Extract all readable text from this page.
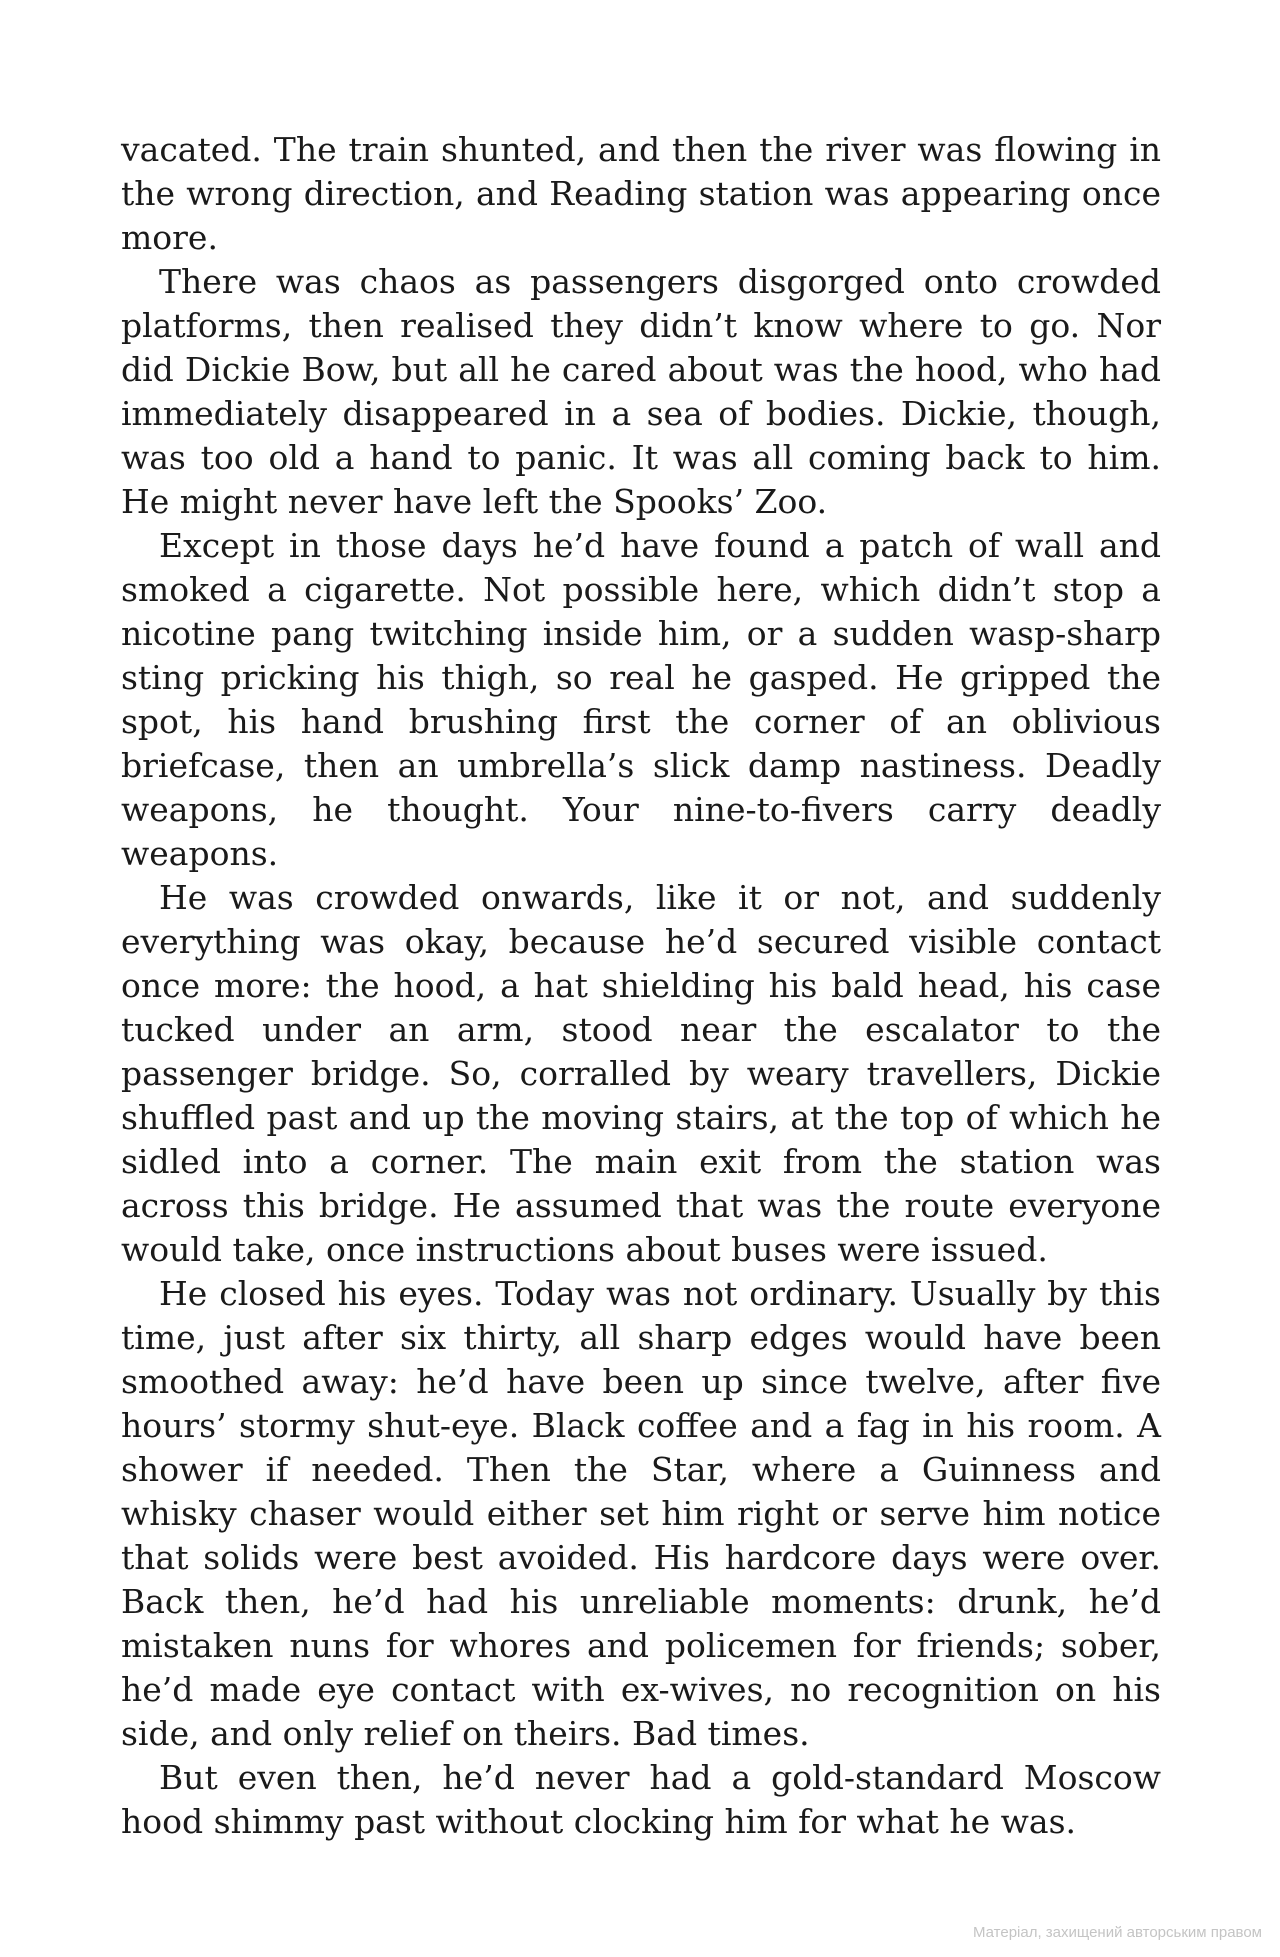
vacated. The train shunted, and then the river was flowing in the wrong direction, and Reading station was appearing once more.

There was chaos as passengers disgorged onto crowded platforms, then realised they didn’t know where to go. Nor did Dickie Bow, but all he cared about was the hood, who had immediately disappeared in a sea of bodies. Dickie, though, was too old a hand to panic. It was all coming back to him. He might never have left the Spooks’ Zoo.

Except in those days he’d have found a patch of wall and smoked a cigarette. Not possible here, which didn’t stop a nicotine pang twitching inside him, or a sudden wasp-sharp sting pricking his thigh, so real he gasped. He gripped the spot, his hand brushing first the corner of an oblivious briefcase, then an umbrella’s slick damp nastiness. Deadly weapons, he thought. Your nine-to-fivers carry deadly weapons.

He was crowded onwards, like it or not, and suddenly everything was okay, because he’d secured visible contact once more: the hood, a hat shielding his bald head, his case tucked under an arm, stood near the escalator to the passenger bridge. So, corralled by weary travellers, Dickie shuffled past and up the moving stairs, at the top of which he sidled into a corner. The main exit from the station was across this bridge. He assumed that was the route everyone would take, once instructions about buses were issued.

He closed his eyes. Today was not ordinary. Usually by this time, just after six thirty, all sharp edges would have been smoothed away: he’d have been up since twelve, after five hours’ stormy shut-eye. Black coffee and a fag in his room. A shower if needed. Then the Star, where a Guinness and whisky chaser would either set him right or serve him notice that solids were best avoided. His hardcore days were over. Back then, he’d had his unreliable moments: drunk, he’d mistaken nuns for whores and policemen for friends; sober, he’d made eye contact with ex-wives, no recognition on his side, and only relief on theirs. Bad times.

But even then, he’d never had a gold-standard Moscow hood shimmy past without clocking him for what he was.

Матеріал, захищений авторським правом
